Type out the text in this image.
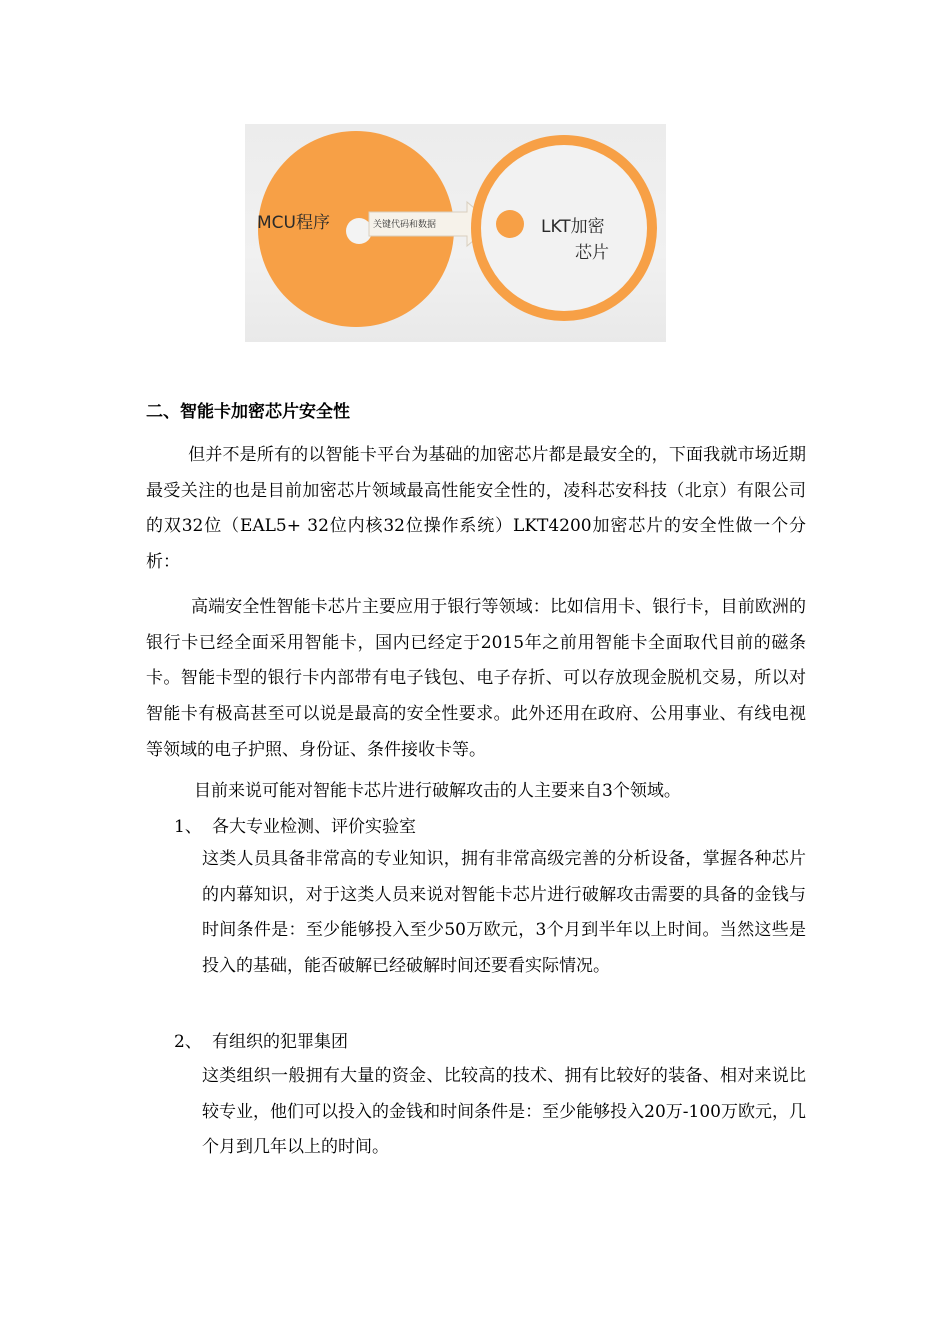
MCU程序	关键代码和数据	LKT加密
芯片
二、智能卡加密芯片安全性

但并不是所有的以智能卡平台为基础的加密芯片都是最安全的，下面我就市场近期最受关注的也是目前加密芯片领域最高性能安全性的，凌科芯安科技（北京）有限公司的双32位（EAL5+ 32位内核32位操作系统）LKT4200加密芯片的安全性做一个分析：

高端安全性智能卡芯片主要应用于银行等领域：比如信用卡、银行卡，目前欧洲的银行卡已经全面采用智能卡，国内已经定于2015年之前用智能卡全面取代目前的磁条卡。智能卡型的银行卡内部带有电子钱包、电子存折、可以存放现金脱机交易，所以对智能卡有极高甚至可以说是最高的安全性要求。此外还用在政府、公用事业、有线电视等领域的电子护照、身份证、条件接收卡等。

目前来说可能对智能卡芯片进行破解攻击的人主要来自3个领域。

1、 各大专业检测、评价实验室

这类人员具备非常高的专业知识，拥有非常高级完善的分析设备，掌握各种芯片的内幕知识，对于这类人员来说对智能卡芯片进行破解攻击需要的具备的金钱与时间条件是：至少能够投入至少50万欧元，3个月到半年以上时间。当然这些是投入的基础，能否破解已经破解时间还要看实际情况。

2、 有组织的犯罪集团

这类组织一般拥有大量的资金、比较高的技术、拥有比较好的装备、相对来说比较专业，他们可以投入的金钱和时间条件是：至少能够投入20万-100万欧元，几个月到几年以上的时间。
